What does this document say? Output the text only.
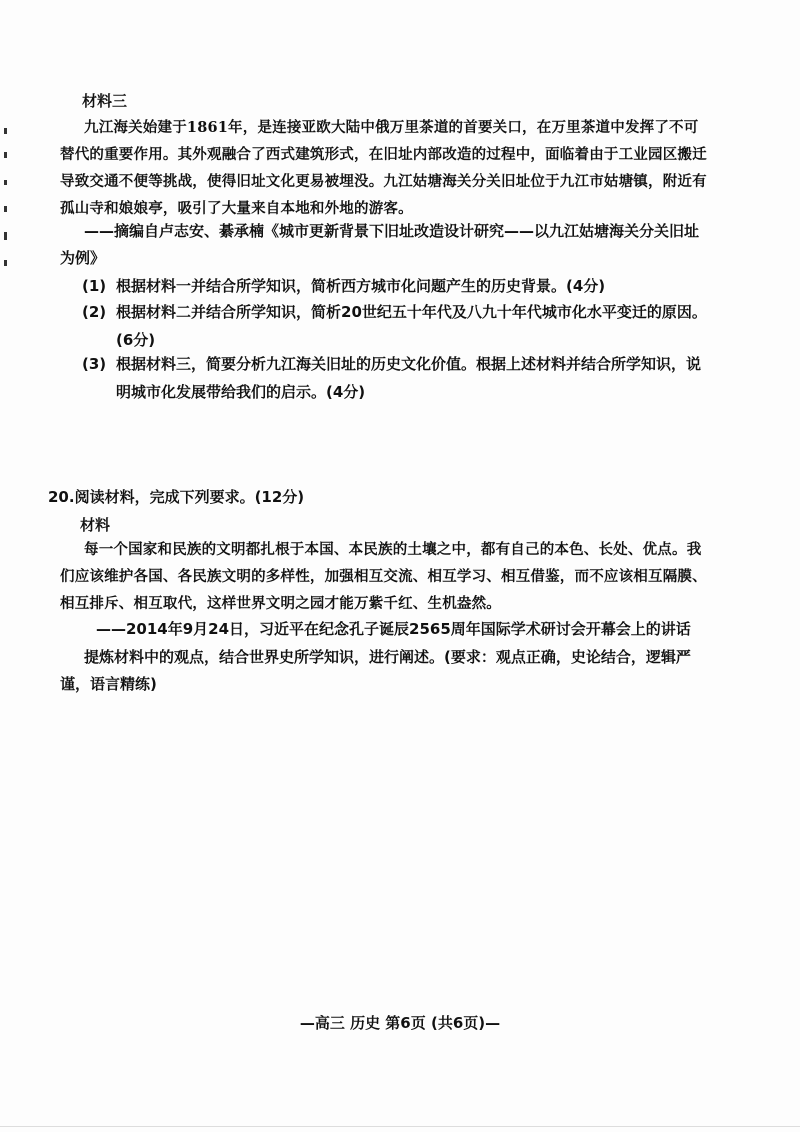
材料三

九江海关始建于1861年，是连接亚欧大陆中俄万里茶道的首要关口，在万里茶道中发挥了不可替代的重要作用。其外观融合了西式建筑形式，在旧址内部改造的过程中，面临着由于工业园区搬迁导致交通不便等挑战，使得旧址文化更易被埋没。九江姑塘海关分关旧址位于九江市姑塘镇，附近有孤山寺和娘娘亭，吸引了大量来自本地和外地的游客。

——摘编自卢志安、綦承楠《城市更新背景下旧址改造设计研究——以九江姑塘海关分关旧址为例》

(1) 根据材料一并结合所学知识，简析西方城市化问题产生的历史背景。(4分)
(2) 根据材料二并结合所学知识，简析20世纪五十年代及八九十年代城市化水平变迁的原因。(6分)
(3) 根据材料三，简要分析九江海关旧址的历史文化价值。根据上述材料并结合所学知识，说明城市化发展带给我们的启示。(4分)

20.阅读材料，完成下列要求。(12分)

材料

每一个国家和民族的文明都扎根于本国、本民族的土壤之中，都有自己的本色、长处、优点。我们应该维护各国、各民族文明的多样性，加强相互交流、相互学习、相互借鉴，而不应该相互隔膜、相互排斥、相互取代，这样世界文明之园才能万紫千红、生机盎然。

——2014年9月24日，习近平在纪念孔子诞辰2565周年国际学术研讨会开幕会上的讲话

提炼材料中的观点，结合世界史所学知识，进行阐述。(要求：观点正确，史论结合，逻辑严谨，语言精练)

—高三 历史 第6页 (共6页)—
